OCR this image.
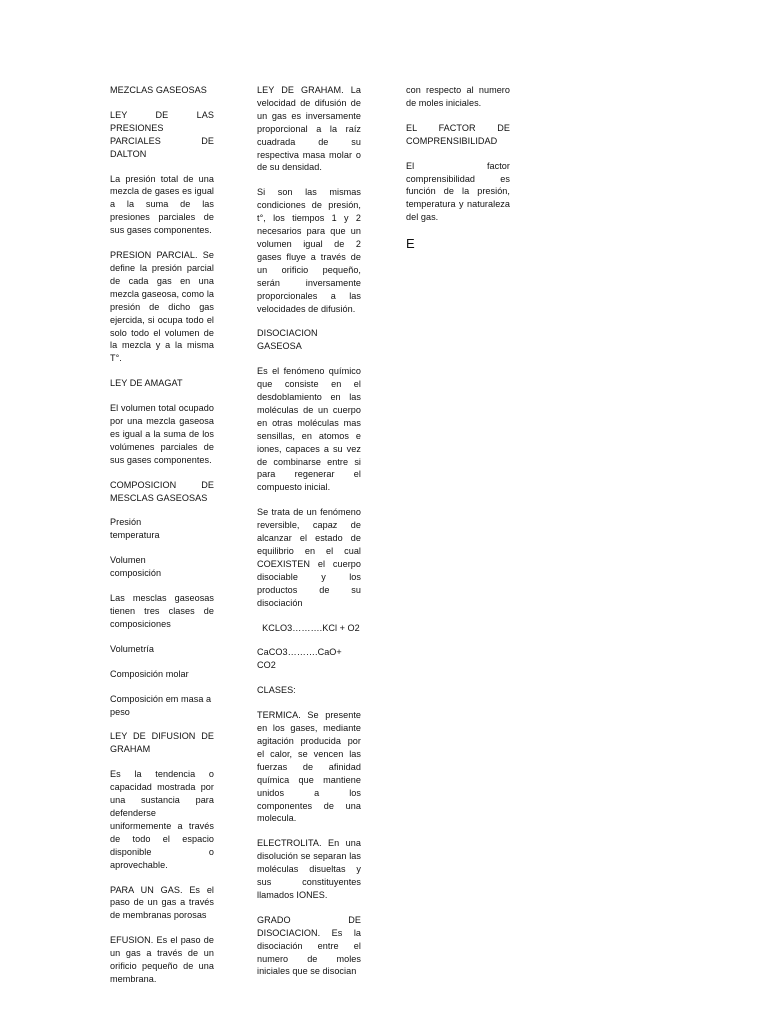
MEZCLAS GASEOSAS

LEY DE LAS PRESIONES PARCIALES DE DALTON

La presión total de una mezcla de gases es igual a la suma de las presiones parciales de sus gases componentes.

PRESION PARCIAL. Se define la presión parcial de cada gas en una mezcla gaseosa, como la presión de dicho gas ejercida, si ocupa todo el solo todo el volumen de la mezcla y a la misma T°.

LEY DE AMAGAT

El volumen total ocupado por una mezcla gaseosa es igual a la suma de los volúmenes parciales de sus gases componentes.

COMPOSICION DE MESCLAS GASEOSAS

Presión
temperatura

Volumen
composición

Las mesclas gaseosas tienen tres clases de composiciones

Volumetría

Composición molar

Composición em masa a peso

LEY DE DIFUSION DE GRAHAM

Es la tendencia o capacidad mostrada por una sustancia para defenderse uniformemente a través de todo el espacio disponible o aprovechable.

PARA UN GAS. Es el paso de un gas a través de membranas porosas

EFUSION. Es el paso de un gas a través de un orificio pequeño de una membrana.

LEY DE GRAHAM. La velocidad de difusión de un gas es inversamente proporcional a la raíz cuadrada de su respectiva masa molar o de su densidad.

Si son las mismas condiciones de presión, t°, los tiempos 1 y 2 necesarios para que un volumen igual de 2 gases fluye a través de un orificio pequeño, serán inversamente proporcionales a las velocidades de difusión.

DISOCIACION GASEOSA

Es el fenómeno químico que consiste en el desdoblamiento en las moléculas de un cuerpo en otras moléculas mas sensillas, en atomos e iones, capaces a su vez de combinarse entre si para regenerar el compuesto inicial.

Se trata de un fenómeno reversible, capaz de alcanzar el estado de equilibrio en el cual COEXISTEN el cuerpo disociable y los productos de su disociación

KCLO3……….KCl + O2

CaCO3……….CaO+ CO2

CLASES:

TERMICA. Se presente en los gases, mediante agitación producida por el calor, se vencen las fuerzas de afinidad química que mantiene unidos a los componentes de una molecula.

ELECTROLITA. En una disolución se separan las moléculas disueltas y sus constituyentes llamados IONES.

GRADO DE DISOCIACION. Es la disociación entre el numero de moles iniciales que se disocian

con respecto al numero de moles iniciales.

EL FACTOR DE COMPRENSIBILIDAD

El factor comprensibilidad es función de la presión, temperatura y naturaleza del gas.

E
